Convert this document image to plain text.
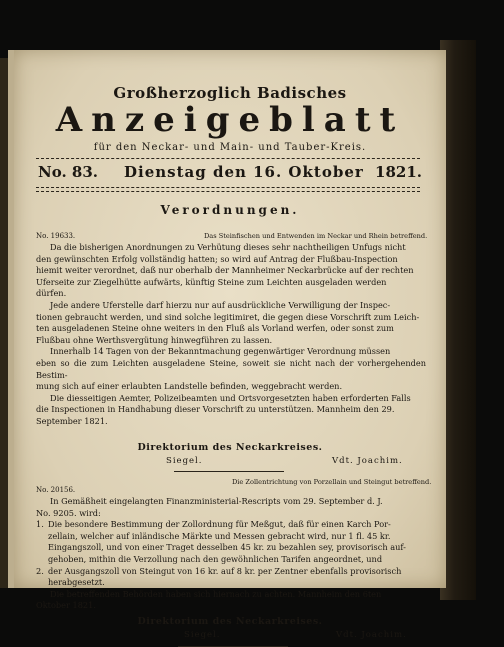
Großherzoglich Badisches
Anzeigeblatt
für den Neckar- und Main- und Tauber-Kreis.
No. 83. Dienstag den 16. Oktober 1821.
Verordnungen.
No. 19633.	Das Steinfischen und Entwenden im Neckar und Rhein betreffend.

Da die bisherigen Anordnungen zu Verhütung dieses sehr nachtheiligen Unfugs nicht

den gewünschten Erfolg vollständig hatten; so wird auf Antrag der Flußbau-Inspection

hiemit weiter verordnet, daß nur oberhalb der Mannheimer Neckarbrücke auf der rechten

Uferseite zur Ziegelhütte aufwärts, künftig Steine zum Leichten ausgeladen werden

dürfen.

Jede andere Uferstelle darf hierzu nur auf ausdrückliche Verwilligung der Inspec-

tionen gebraucht werden, und sind solche legitimiret, die gegen diese Vorschrift zum Leich-

ten ausgeladenen Steine ohne weiters in den Fluß als Vorland werfen, oder sonst zum

Flußbau ohne Werthsvergütung hinwegführen zu lassen.

Innerhalb 14 Tagen von der Bekanntmachung gegenwärtiger Verordnung müssen

eben so die zum Leichten ausgeladene Steine, soweit sie nicht nach der vorhergehenden Bestim-

mung sich auf einer erlaubten Landstelle befinden, weggebracht werden.

Die diesseitigen Aemter, Polizeibeamten und Ortsvorgesetzten haben erforderten Falls

die Inspectionen in Handhabung dieser Vorschrift zu unterstützen. Mannheim den 29.

September 1821.

Direktorium des Neckarkreises.
Siegel.	Vdt. Joachim.
Die Zollentrichtung von Porzellain und Steingut betreffend.
No. 20156.

In Gemäßheit eingelangten Finanzministerial-Rescripts vom 29. September d. J.

No. 9205. wird:

1. Die besondere Bestimmung der Zollordnung für Meßgut, daß für einen Karch Por-

zellain, welcher auf inländische Märkte und Messen gebracht wird, nur 1 fl. 45 kr.

Eingangszoll, und von einer Traget desselben 45 kr. zu bezahlen sey, provisorisch auf-

gehoben, mithin die Verzollung nach den gewöhnlichen Tarifen angeordnet, und

2. der Ausgangszoll von Steingut von 16 kr. auf 8 kr. per Zentner ebenfalls provisorisch

herabgesetzt.

Die betreffenden Behörden haben sich hiernach zu achten. Mannheim den 6ten

Oktober 1821.

Direktorium des Neckarkreises.
Siegel.	Vdt. Joachim.
